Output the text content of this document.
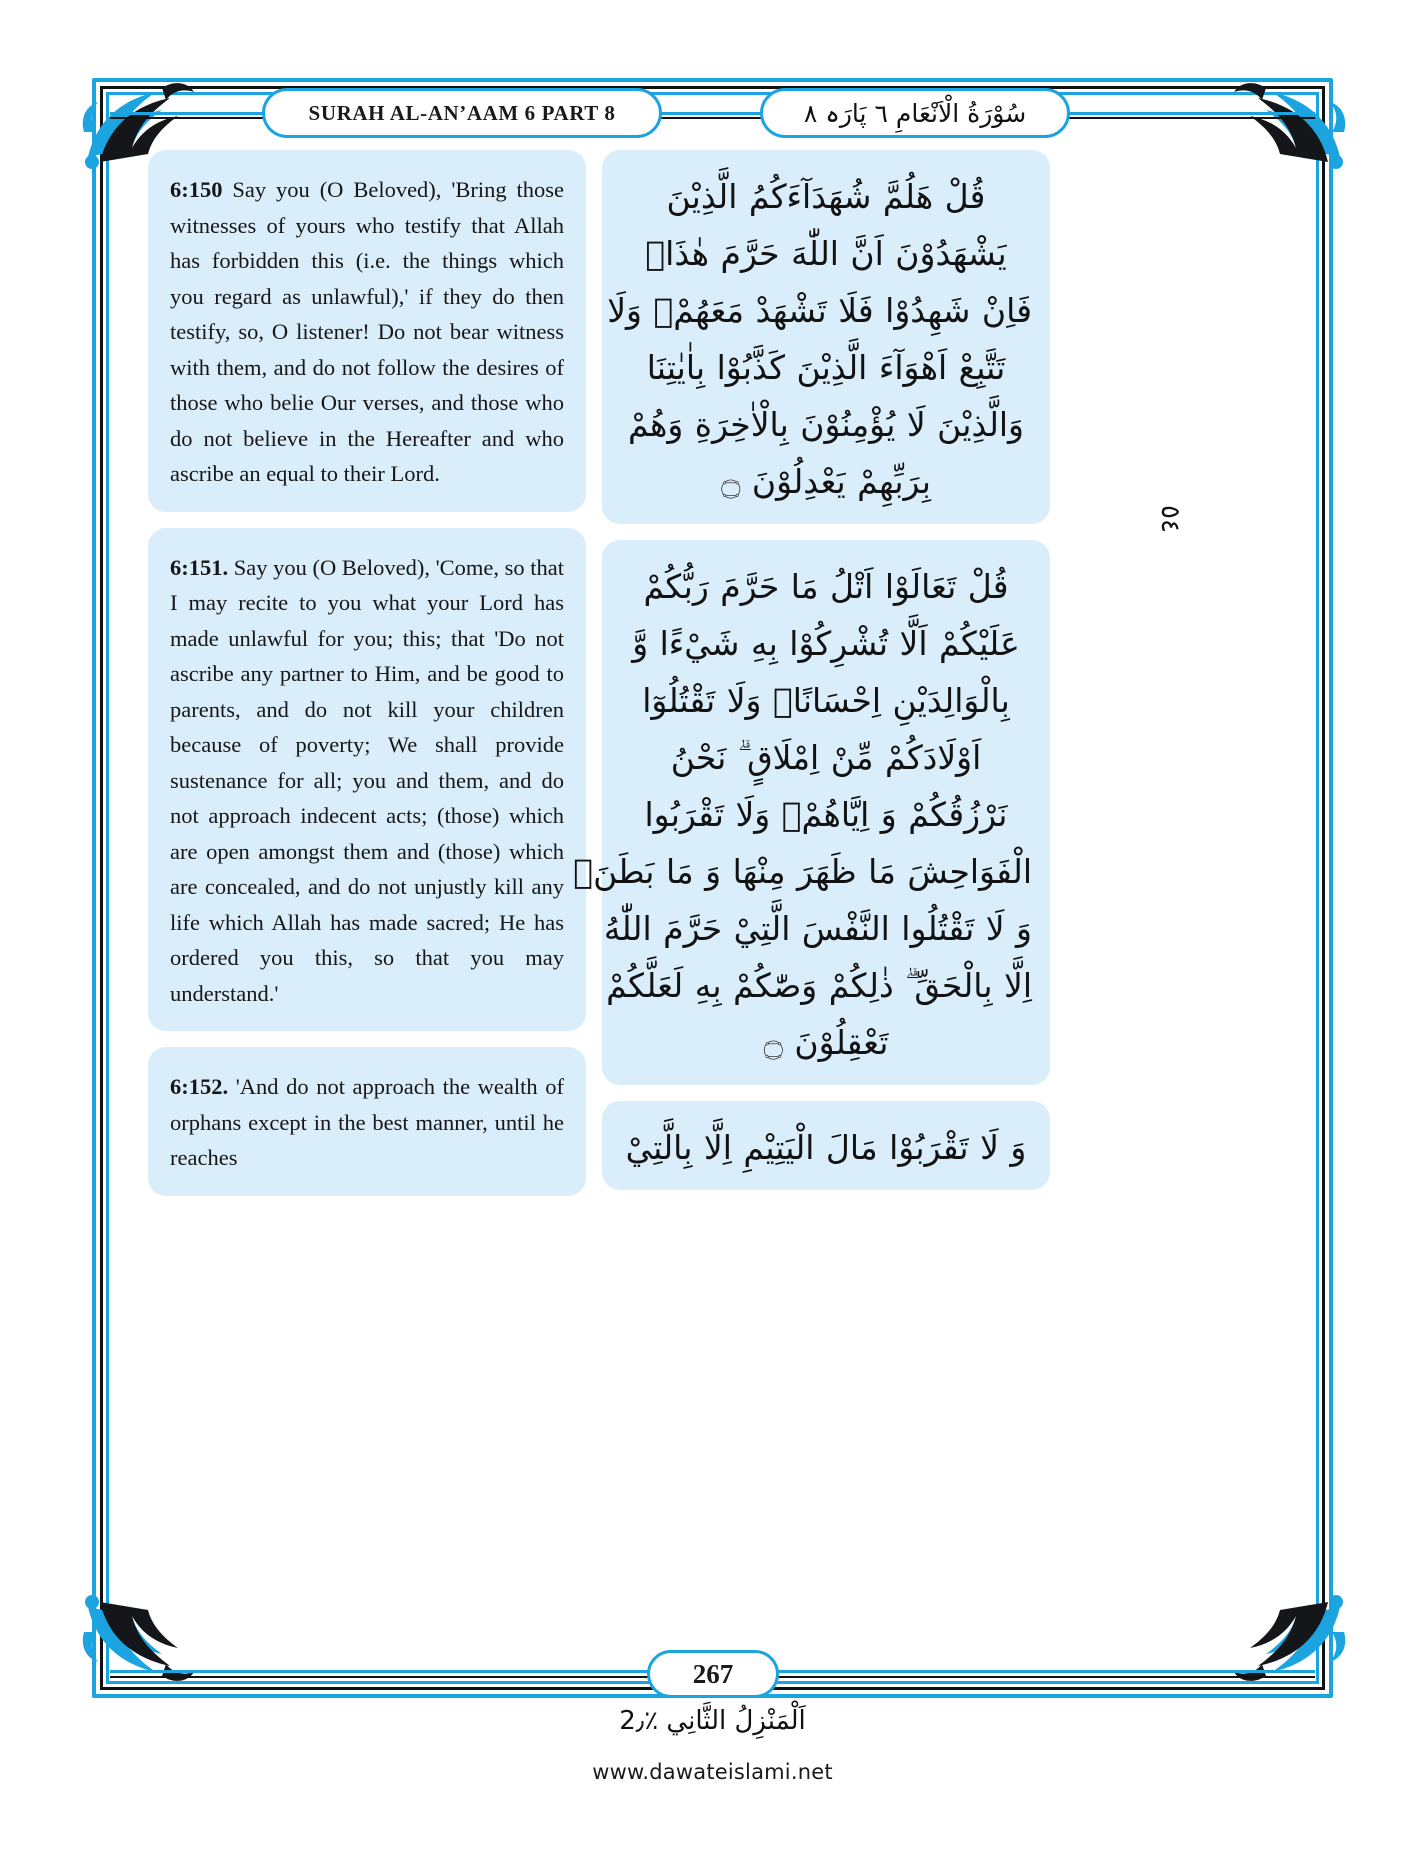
SURAH AL-AN’AAM 6 PART 8	سُوْرَةُ الْاَنْعَامِ ٦ پَارَہ ٨
6:150 Say you (O Beloved), 'Bring those witnesses of yours who testify that Allah has forbidden this (i.e. the things which you regard as unlawful),' if they do then testify, so, O listener! Do not bear witness with them, and do not follow the desires of those who belie Our verses, and those who do not believe in the Hereafter and who ascribe an equal to their Lord.
6:151. Say you (O Beloved), 'Come, so that I may recite to you what your Lord has made unlawful for you; this; that 'Do not ascribe any partner to Him, and be good to parents, and do not kill your children because of poverty; We shall provide sustenance for all; you and them, and do not approach indecent acts; (those) which are open amongst them and (those) which are concealed, and do not unjustly kill any life which Allah has made sacred; He has ordered you this, so that you may understand.'
6:152. 'And do not approach the wealth of orphans except in the best manner, until he reaches
قُلْ هَلُمَّ شُهَدَآءَكُمُ الَّذِيْنَ
يَشْهَدُوْنَ اَنَّ اللّٰهَ حَرَّمَ هٰذَاۚ
فَاِنْ شَهِدُوْا فَلَا تَشْهَدْ مَعَهُمْۚ وَلَا
تَتَّبِعْ اَهْوَآءَ الَّذِيْنَ كَذَّبُوْا بِاٰيٰتِنَا
وَالَّذِيْنَ لَا يُؤْمِنُوْنَ بِالْاٰخِرَةِ وَهُمْ
بِرَبِّهِمْ يَعْدِلُوْنَ ۝
قُلْ تَعَالَوْا اَتْلُ مَا حَرَّمَ رَبُّكُمْ
عَلَيْكُمْ اَلَّا تُشْرِكُوْا بِهِ شَيْءًا وَّ
بِالْوَالِدَيْنِ اِحْسَانًاۚ وَلَا تَقْتُلُوٓا
اَوْلَادَكُمْ مِّنْ اِمْلَاقٍ ۗ نَحْنُ
نَرْزُقُكُمْ وَ اِيَّاهُمْۗ وَلَا تَقْرَبُوا
الْفَوَاحِشَ مَا ظَهَرَ مِنْهَا وَ مَا بَطَنَۚ
وَ لَا تَقْتُلُوا النَّفْسَ الَّتِيْ حَرَّمَ اللّٰهُ
اِلَّا بِالْحَقِّ ۗ ذٰلِكُمْ وَصّٰكُمْ بِهِ لَعَلَّكُمْ
تَعْقِلُوْنَ ۝
وَ لَا تَقْرَبُوْا مَالَ الْيَتِيْمِ اِلَّا بِالَّتِيْ
٥٤
267
اَلْمَنْزِلُ الثَّانِي ٪2٫
www.dawateislami.net
